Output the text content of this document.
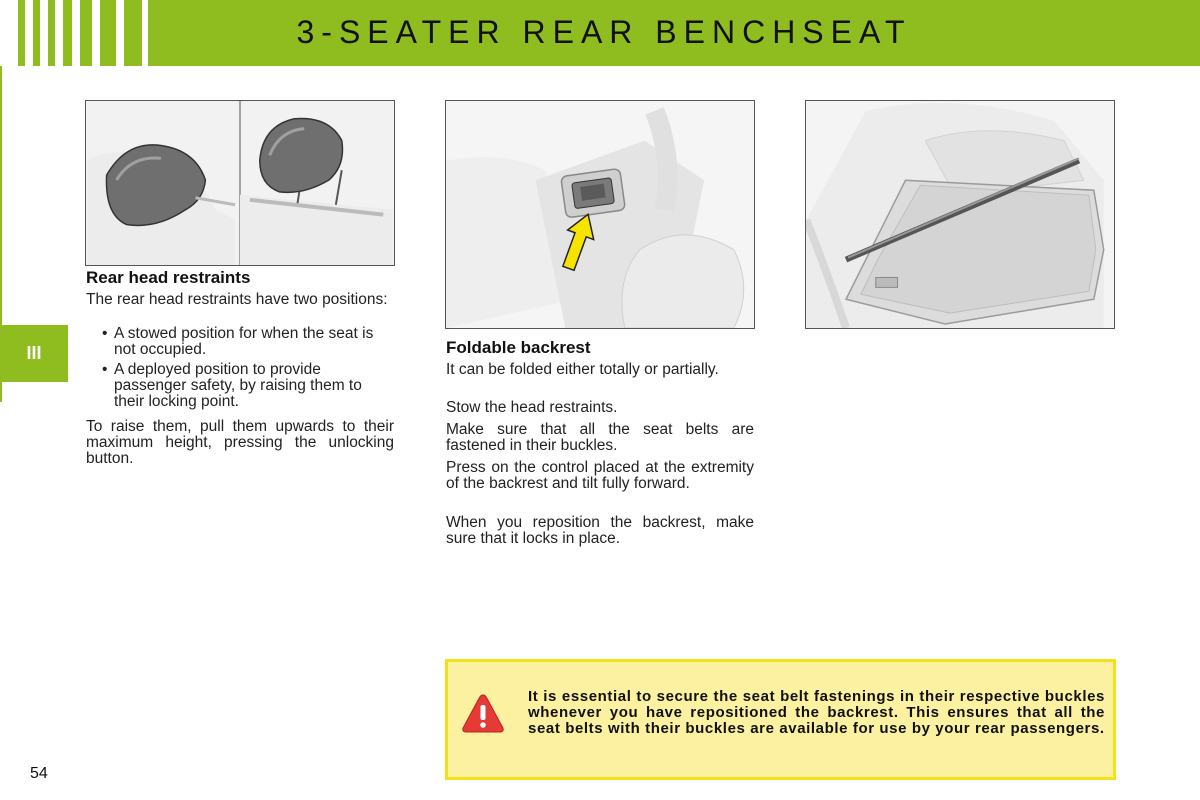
3-SEATER REAR BENCHSEAT
III
Rear head restraints
The rear head restraints have two positions:
• A stowed position for when the seat is not occupied.
• A deployed position to provide passenger safety, by raising them to their locking point.
To raise them, pull them upwards to their maximum height, pressing the unlocking button.
Foldable backrest
It can be folded either totally or partially.
Stow the head restraints.
Make sure that all the seat belts are fastened in their buckles.
Press on the control placed at the extremity of the backrest and tilt fully forward.
When you reposition the backrest, make sure that it locks in place.
It is essential to secure the seat belt fastenings in their respective buckles whenever you have repositioned the backrest. This ensures that all the seat belts with their buckles are available for use by your rear passengers.
54
